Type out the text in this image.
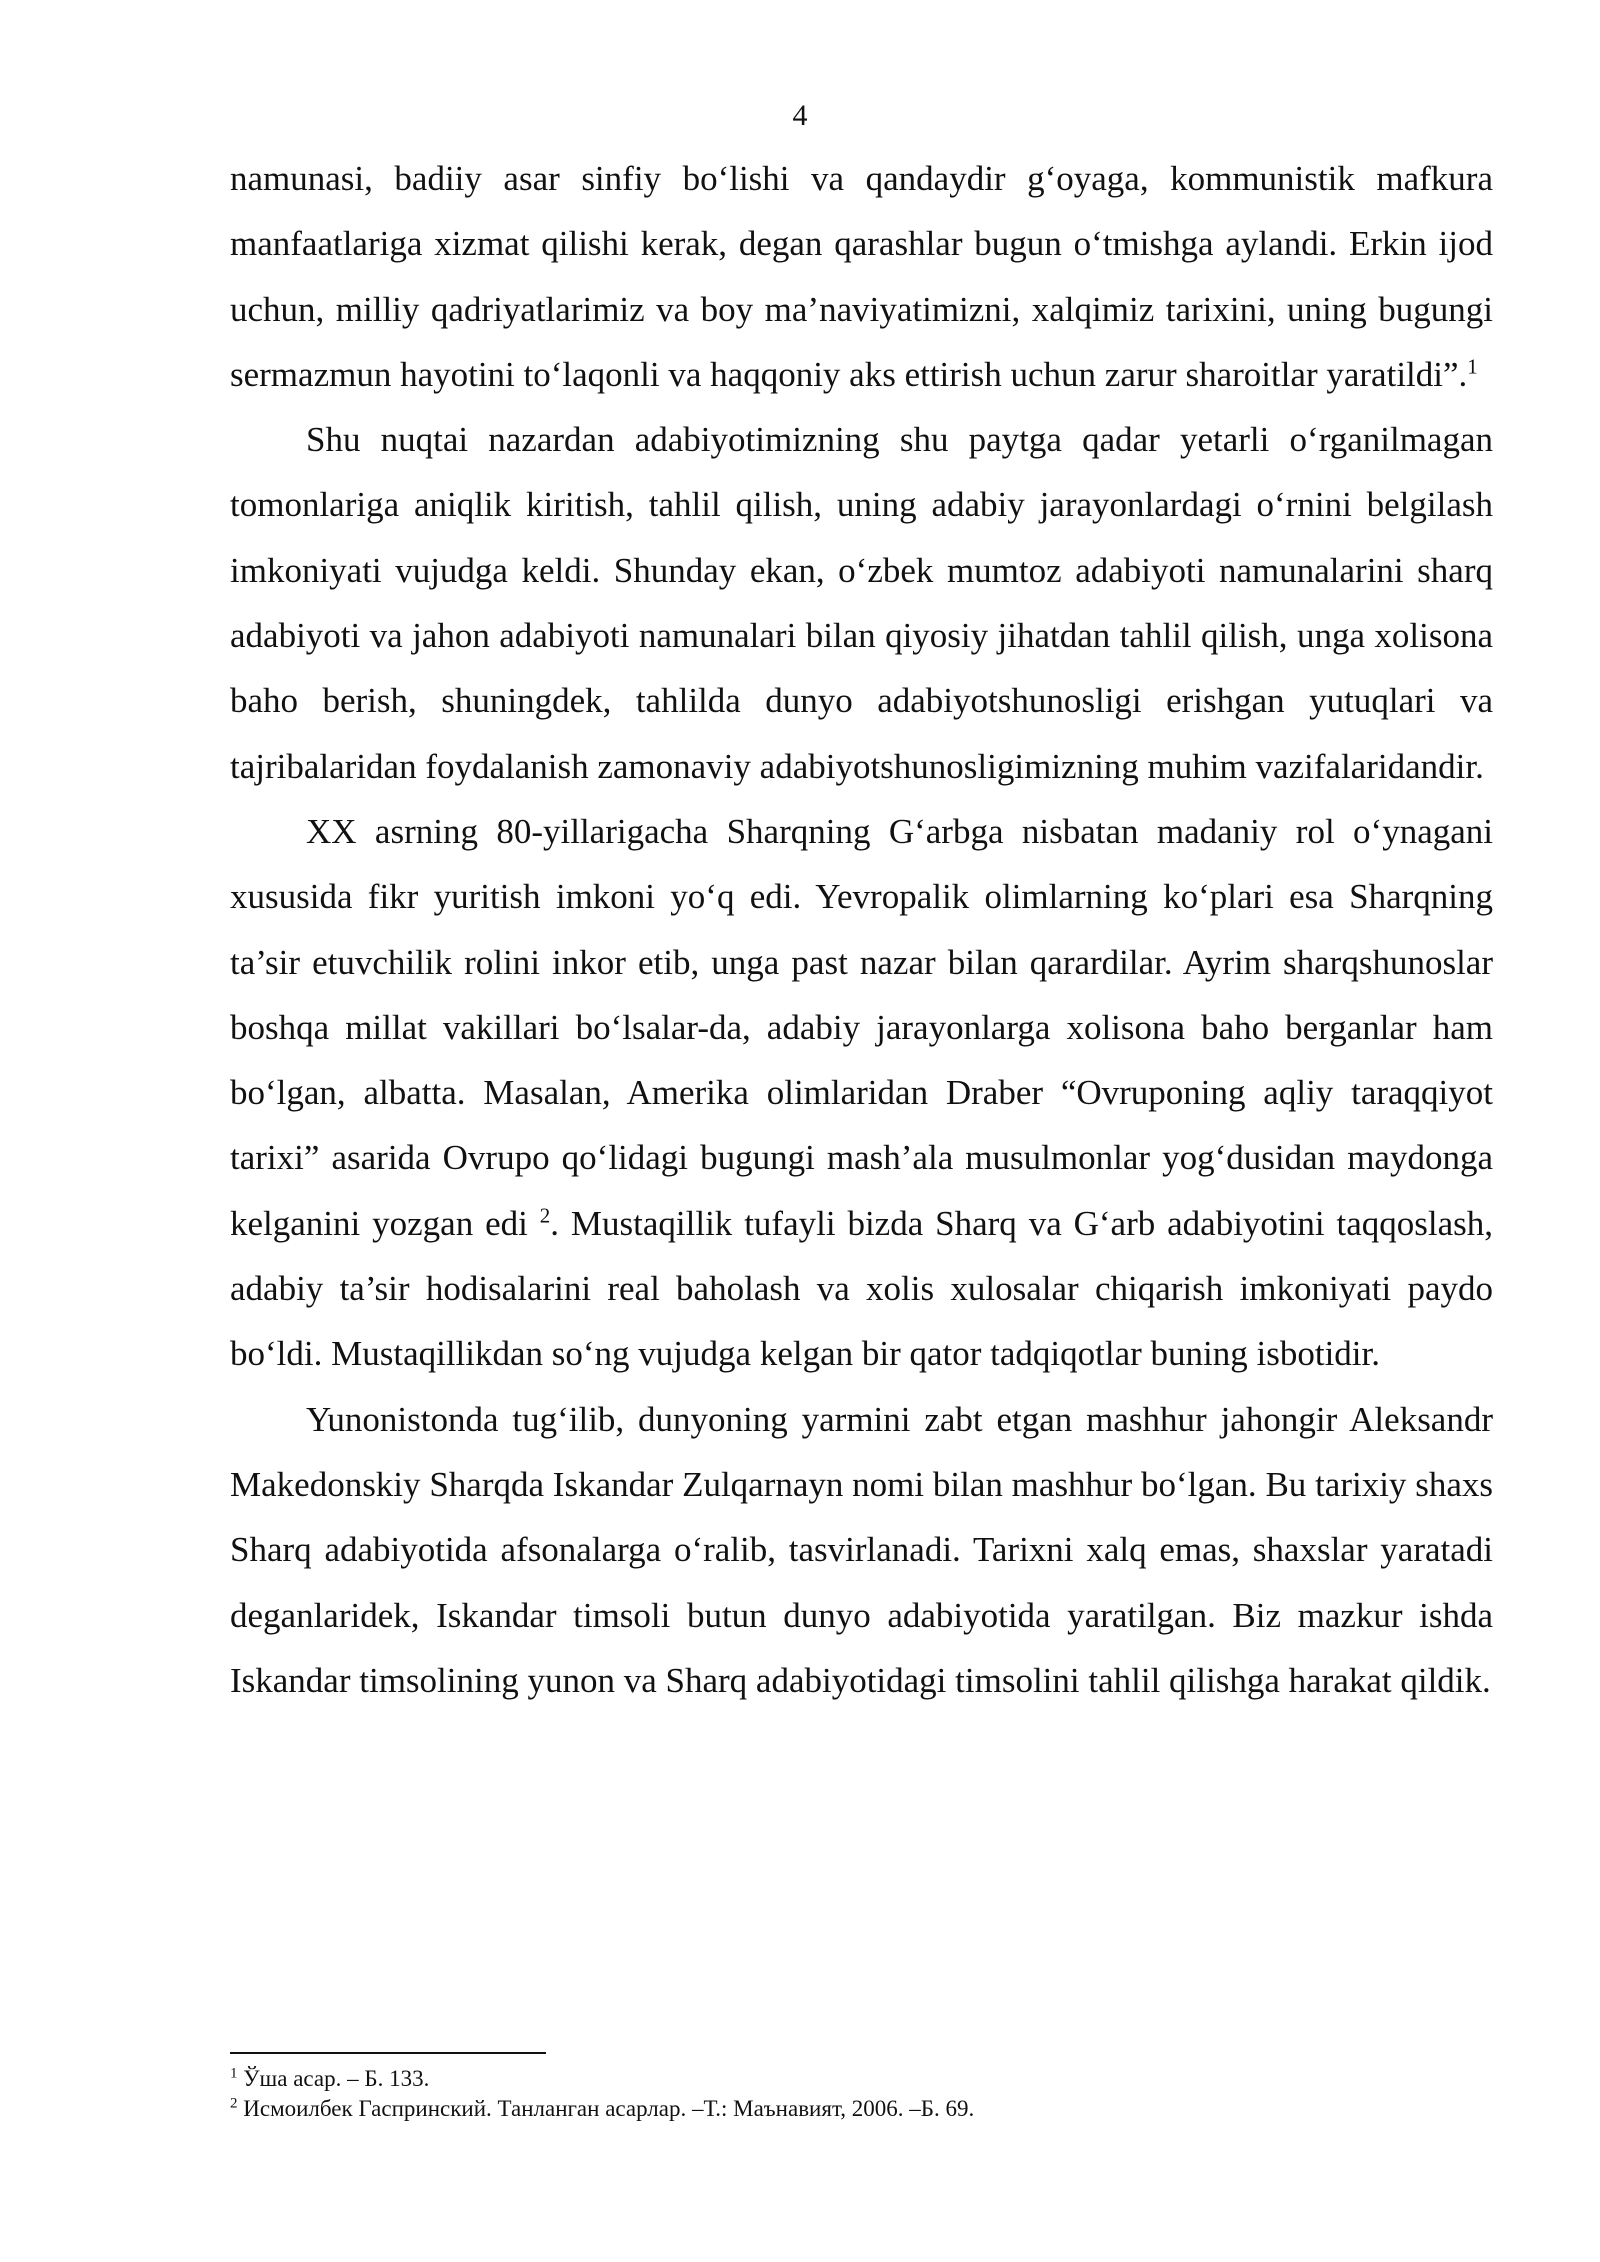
4

namunasi, badiiy asar sinfiy bo‘lishi va qandaydir g‘oyaga, kommunistik mafkura manfaatlariga xizmat qilishi kerak, degan qarashlar bugun o‘tmishga aylandi. Erkin ijod uchun, milliy qadriyatlarimiz va boy ma’naviyatimizni, xalqimiz tarixini, uning bugungi sermazmun hayotini to‘laqonli va haqqoniy aks ettirish uchun zarur sharoitlar yaratildi”.$^1$

Shu nuqtai nazardan adabiyotimizning shu paytga qadar yetarli o‘rganilmagan tomonlariga aniqlik kiritish, tahlil qilish, uning adabiy jarayonlardagi o‘rnini belgilash imkoniyati vujudga keldi. Shunday ekan, o‘zbek mumtoz adabiyoti namunalarini sharq adabiyoti va jahon adabiyoti namunalari bilan qiyosiy jihatdan tahlil qilish, unga xolisona baho berish, shuningdek, tahlilda dunyo adabiyotshunosligi erishgan yutuqlari va tajribalaridan foydalanish zamonaviy adabiyotshunosligimizning muhim vazifalaridandir.

XX asrning 80-yillarigacha Sharqning G‘arbga nisbatan madaniy rol o‘ynagani xususida fikr yuritish imkoni yo‘q edi. Yevropalik olimlarning ko‘plari esa Sharqning ta’sir etuvchilik rolini inkor etib, unga past nazar bilan qarardilar. Ayrim sharqshunoslar boshqa millat vakillari bo‘lsalar-da, adabiy jarayonlarga xolisona baho berganlar ham bo‘lgan, albatta. Masalan, Amerika olimlaridan Draber “Ovruponing aqliy taraqqiyot tarixi” asarida Ovrupo qo‘lidagi bugungi mash’ala musulmonlar yog‘dusidan maydonga kelganini yozgan edi $^2$. Mustaqillik tufayli bizda Sharq va G‘arb adabiyotini taqqoslash, adabiy ta’sir hodisalarini real baholash va xolis xulosalar chiqarish imkoniyati paydo bo‘ldi. Mustaqillikdan so‘ng vujudga kelgan bir qator tadqiqotlar buning isbotidir.

Yunonistonda tug‘ilib, dunyoning yarmini zabt etgan mashhur jahongir Aleksandr Makedonskiy Sharqda Iskandar Zulqarnayn nomi bilan mashhur bo‘lgan. Bu tarixiy shaxs Sharq adabiyotida afsonalarga o‘ralib, tasvirlanadi. Tarixni xalq emas, shaxslar yaratadi deganlaridek, Iskandar timsoli butun dunyo adabiyotida yaratilgan. Biz mazkur ishda Iskandar timsolining yunon va Sharq adabiyotidagi timsolini tahlil qilishga harakat qildik.

$^1$ Ўша асар. – Б. 133.
$^2$ Исмоилбек Гаспринский. Танланган асарлар. –Т.: Маънавият, 2006. –Б. 69.
